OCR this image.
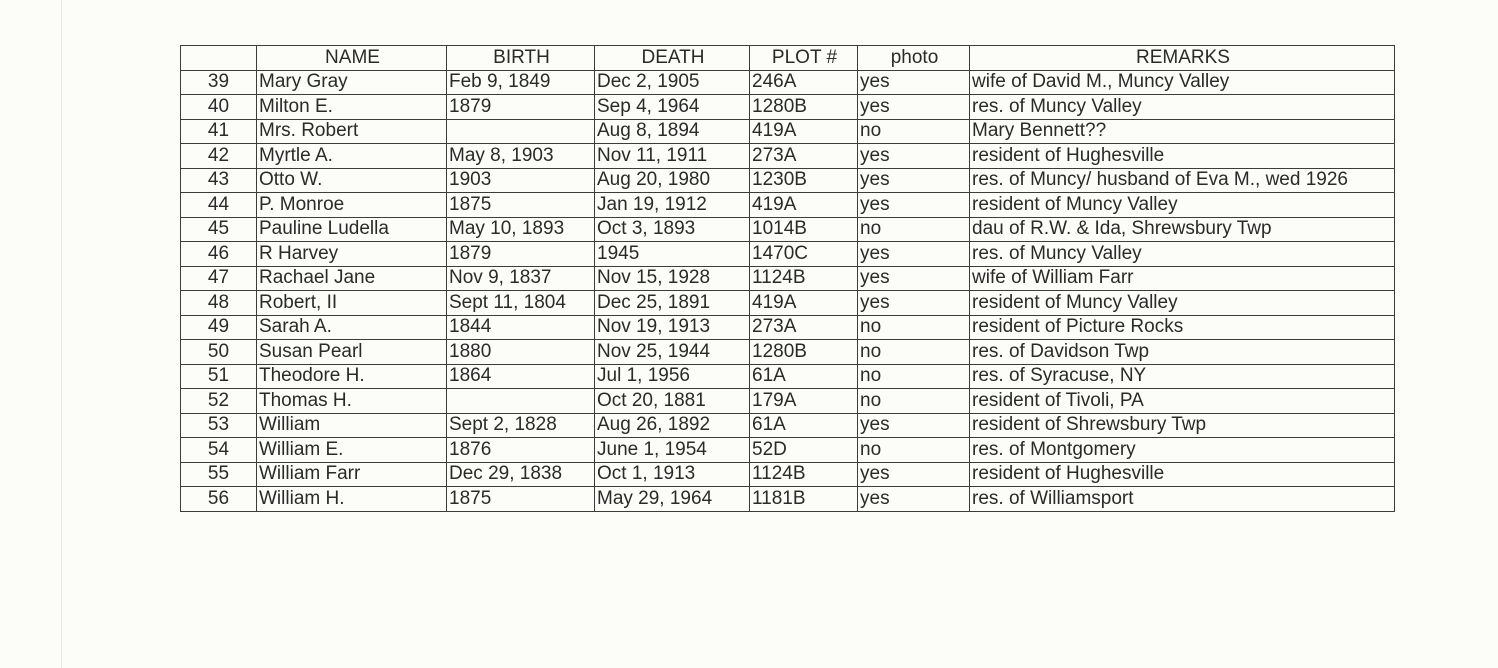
	NAME	BIRTH	DEATH	PLOT #	photo	REMARKS
39	Mary Gray	Feb 9, 1849	Dec 2, 1905	246A	yes	wife of David M., Muncy Valley
40	Milton E.	1879	Sep 4, 1964	1280B	yes	res. of Muncy Valley
41	Mrs. Robert		Aug 8, 1894	419A	no	Mary Bennett??
42	Myrtle A.	May 8, 1903	Nov 11, 1911	273A	yes	resident of Hughesville
43	Otto W.	1903	Aug 20, 1980	1230B	yes	res. of Muncy/ husband of Eva M., wed 1926
44	P. Monroe	1875	Jan 19, 1912	419A	yes	resident of Muncy Valley
45	Pauline Ludella	May 10, 1893	Oct 3, 1893	1014B	no	dau of R.W. & Ida, Shrewsbury Twp
46	R Harvey	1879	1945	1470C	yes	res. of Muncy Valley
47	Rachael Jane	Nov 9, 1837	Nov 15, 1928	1124B	yes	wife of William Farr
48	Robert, II	Sept 11, 1804	Dec 25, 1891	419A	yes	resident of Muncy Valley
49	Sarah A.	1844	Nov 19, 1913	273A	no	resident of Picture Rocks
50	Susan Pearl	1880	Nov 25, 1944	1280B	no	res. of Davidson Twp
51	Theodore H.	1864	Jul 1, 1956	61A	no	res. of Syracuse, NY
52	Thomas H.		Oct 20, 1881	179A	no	resident of Tivoli, PA
53	William	Sept 2, 1828	Aug 26, 1892	61A	yes	resident of Shrewsbury Twp
54	William E.	1876	June 1, 1954	52D	no	res. of Montgomery
55	William Farr	Dec 29, 1838	Oct 1, 1913	1124B	yes	resident of Hughesville
56	William H.	1875	May 29, 1964	1181B	yes	res. of Williamsport
